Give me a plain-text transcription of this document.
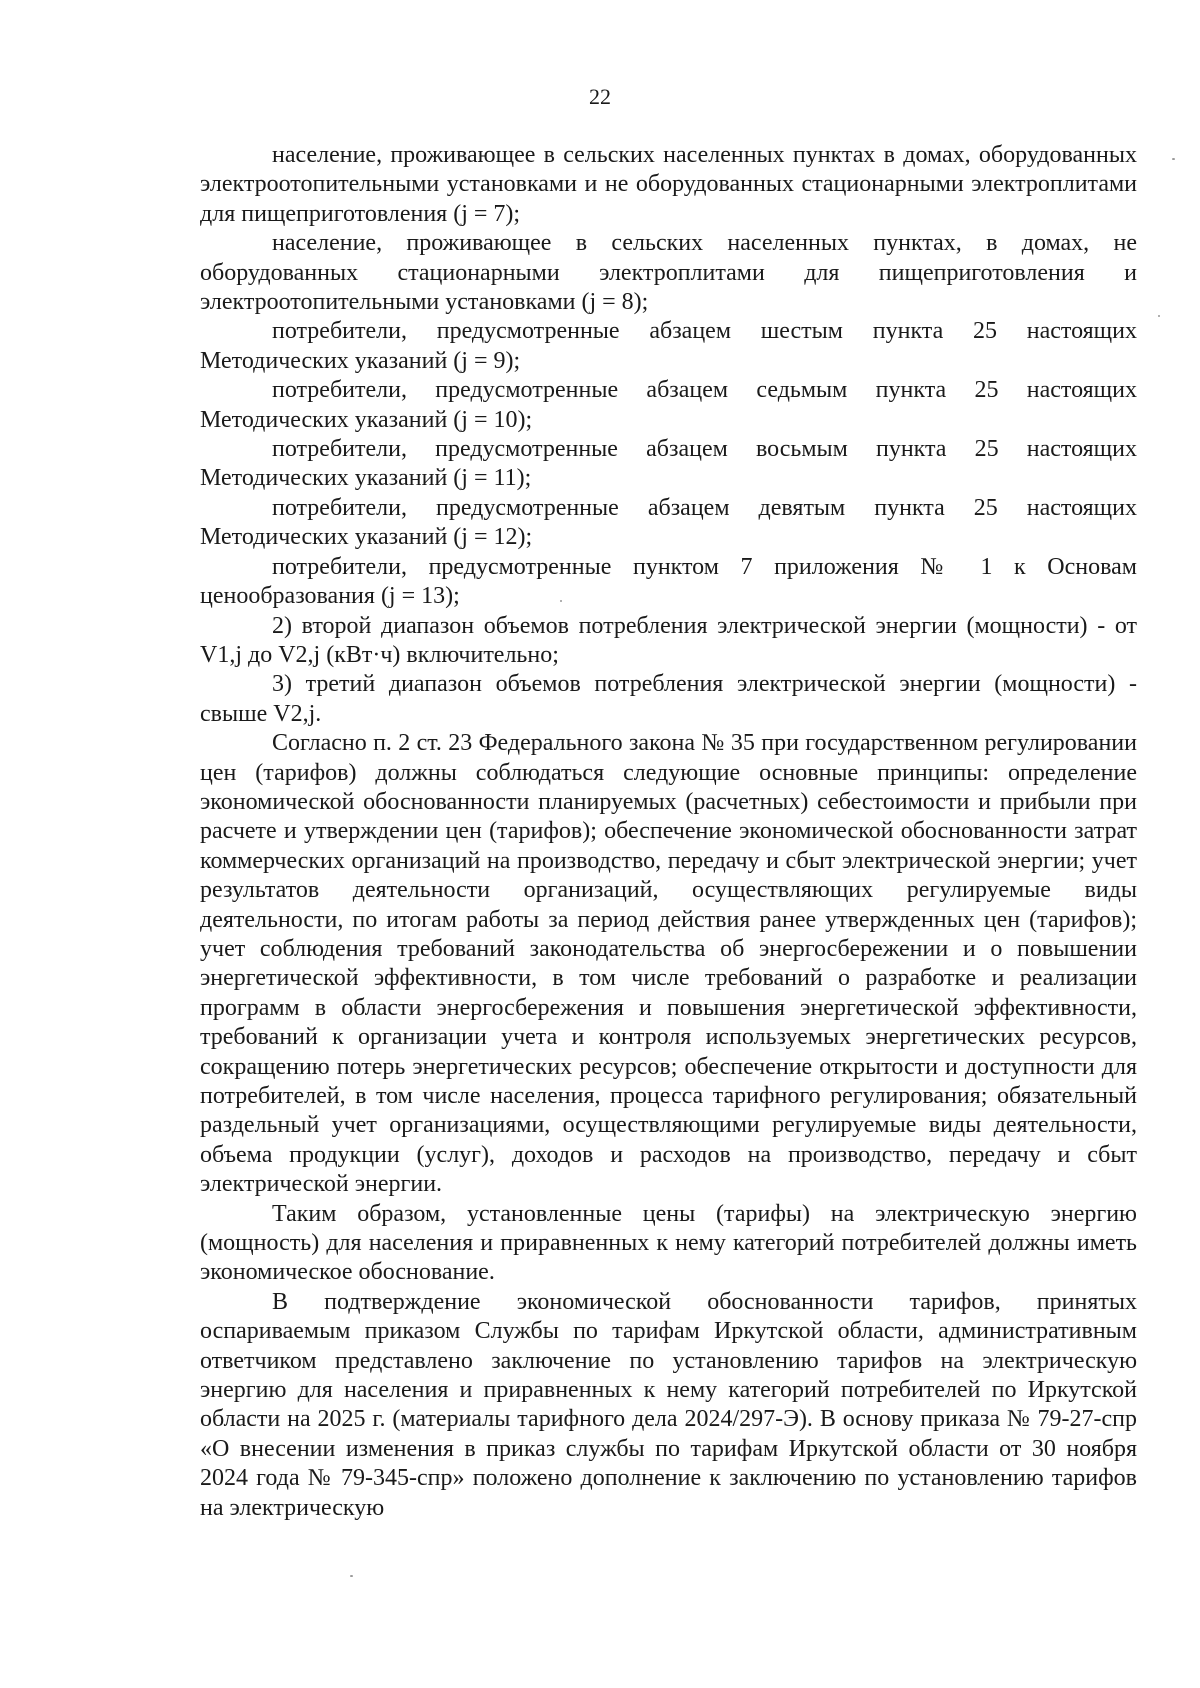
22

население, проживающее в сельских населенных пунктах в домах, оборудованных электроотопительными установками и не оборудованных стационарными электроплитами для пищеприготовления (j = 7);

население, проживающее в сельских населенных пунктах, в домах, не оборудованных стационарными электроплитами для пищеприготовления и электроотопительными установками (j = 8);

потребители, предусмотренные абзацем шестым пункта 25 настоящих Методических указаний (j = 9);

потребители, предусмотренные абзацем седьмым пункта 25 настоящих Методических указаний (j = 10);

потребители, предусмотренные абзацем восьмым пункта 25 настоящих Методических указаний (j = 11);

потребители, предусмотренные абзацем девятым пункта 25 настоящих Методических указаний (j = 12);

потребители, предусмотренные пунктом 7 приложения № 1 к Основам ценообразования (j = 13);

2) второй диапазон объемов потребления электрической энергии (мощности) - от V1,j до V2,j (кВт·ч) включительно;

3) третий диапазон объемов потребления электрической энергии (мощности) - свыше V2,j.

Согласно п. 2 ст. 23 Федерального закона № 35 при государственном регулировании цен (тарифов) должны соблюдаться следующие основные принципы: определение экономической обоснованности планируемых (расчетных) себестоимости и прибыли при расчете и утверждении цен (тарифов); обеспечение экономической обоснованности затрат коммерческих организаций на производство, передачу и сбыт электрической энергии; учет результатов деятельности организаций, осуществляющих регулируемые виды деятельности, по итогам работы за период действия ранее утвержденных цен (тарифов); учет соблюдения требований законодательства об энергосбережении и о повышении энергетической эффективности, в том числе требований о разработке и реализации программ в области энергосбережения и повышения энергетической эффективности, требований к организации учета и контроля используемых энергетических ресурсов, сокращению потерь энергетических ресурсов; обеспечение открытости и доступности для потребителей, в том числе населения, процесса тарифного регулирования; обязательный раздельный учет организациями, осуществляющими регулируемые виды деятельности, объема продукции (услуг), доходов и расходов на производство, передачу и сбыт электрической энергии.

Таким образом, установленные цены (тарифы) на электрическую энергию (мощность) для населения и приравненных к нему категорий потребителей должны иметь экономическое обоснование.

В подтверждение экономической обоснованности тарифов, принятых оспариваемым приказом Службы по тарифам Иркутской области, административным ответчиком представлено заключение по установлению тарифов на электрическую энергию для населения и приравненных к нему категорий потребителей по Иркутской области на 2025 г. (материалы тарифного дела 2024/297-Э). В основу приказа № 79-27-спр «О внесении изменения в приказ службы по тарифам Иркутской области от 30 ноября 2024 года № 79-345-спр» положено дополнение к заключению по установлению тарифов на электрическую
